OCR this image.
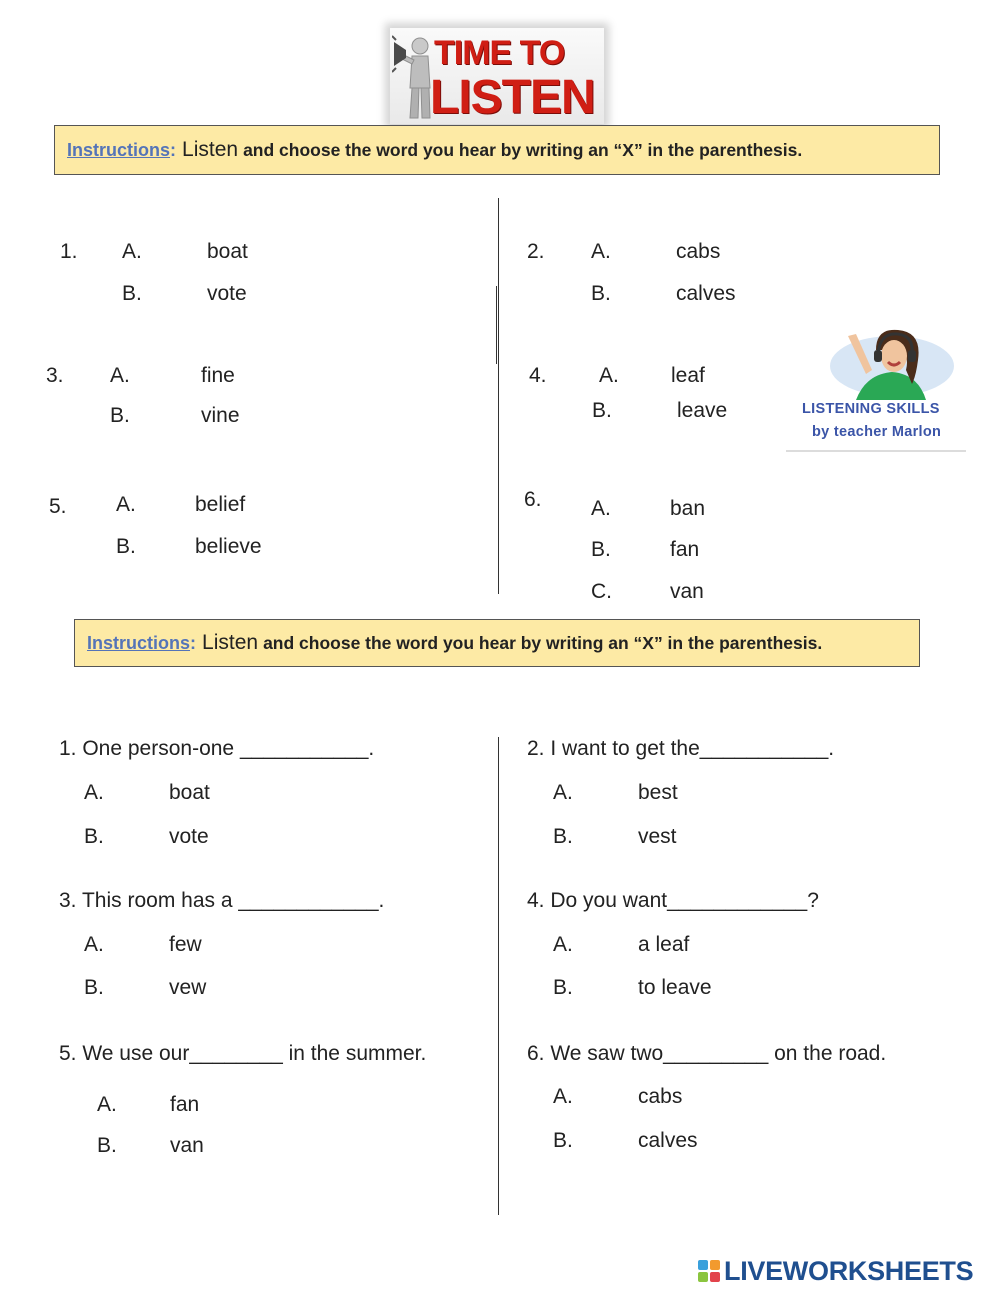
TIME TO
LISTEN
Instructions : Listen and choose the word you hear by writing an “X” in the parenthesis.
1. A.	boat
B.	vote
2. A.	cabs
B.	calves
3. A.	fine
B.	vine
4. A. leaf
B.	leave	LISTENING SKILLS
by teacher Marlon
5. A.	belief
B.	believe
6. A.	ban
B.	fan
C.	van
Instructions : Listen and choose the word you hear by writing an “X” in the parenthesis.
1. One person-one ___________.
A.	boat
B.	vote
2. I want to get the___________.
A.	best
B.	vest
3. This room has a ____________.
A.	few
B.	vew
4. Do you want____________?
A.	a leaf
B.	to leave
5. We use our________ in the summer.
A.	fan
B.	van
6. We saw two_________ on the road.
A.	cabs
B.	calves
LIVEWORKSHEETS
